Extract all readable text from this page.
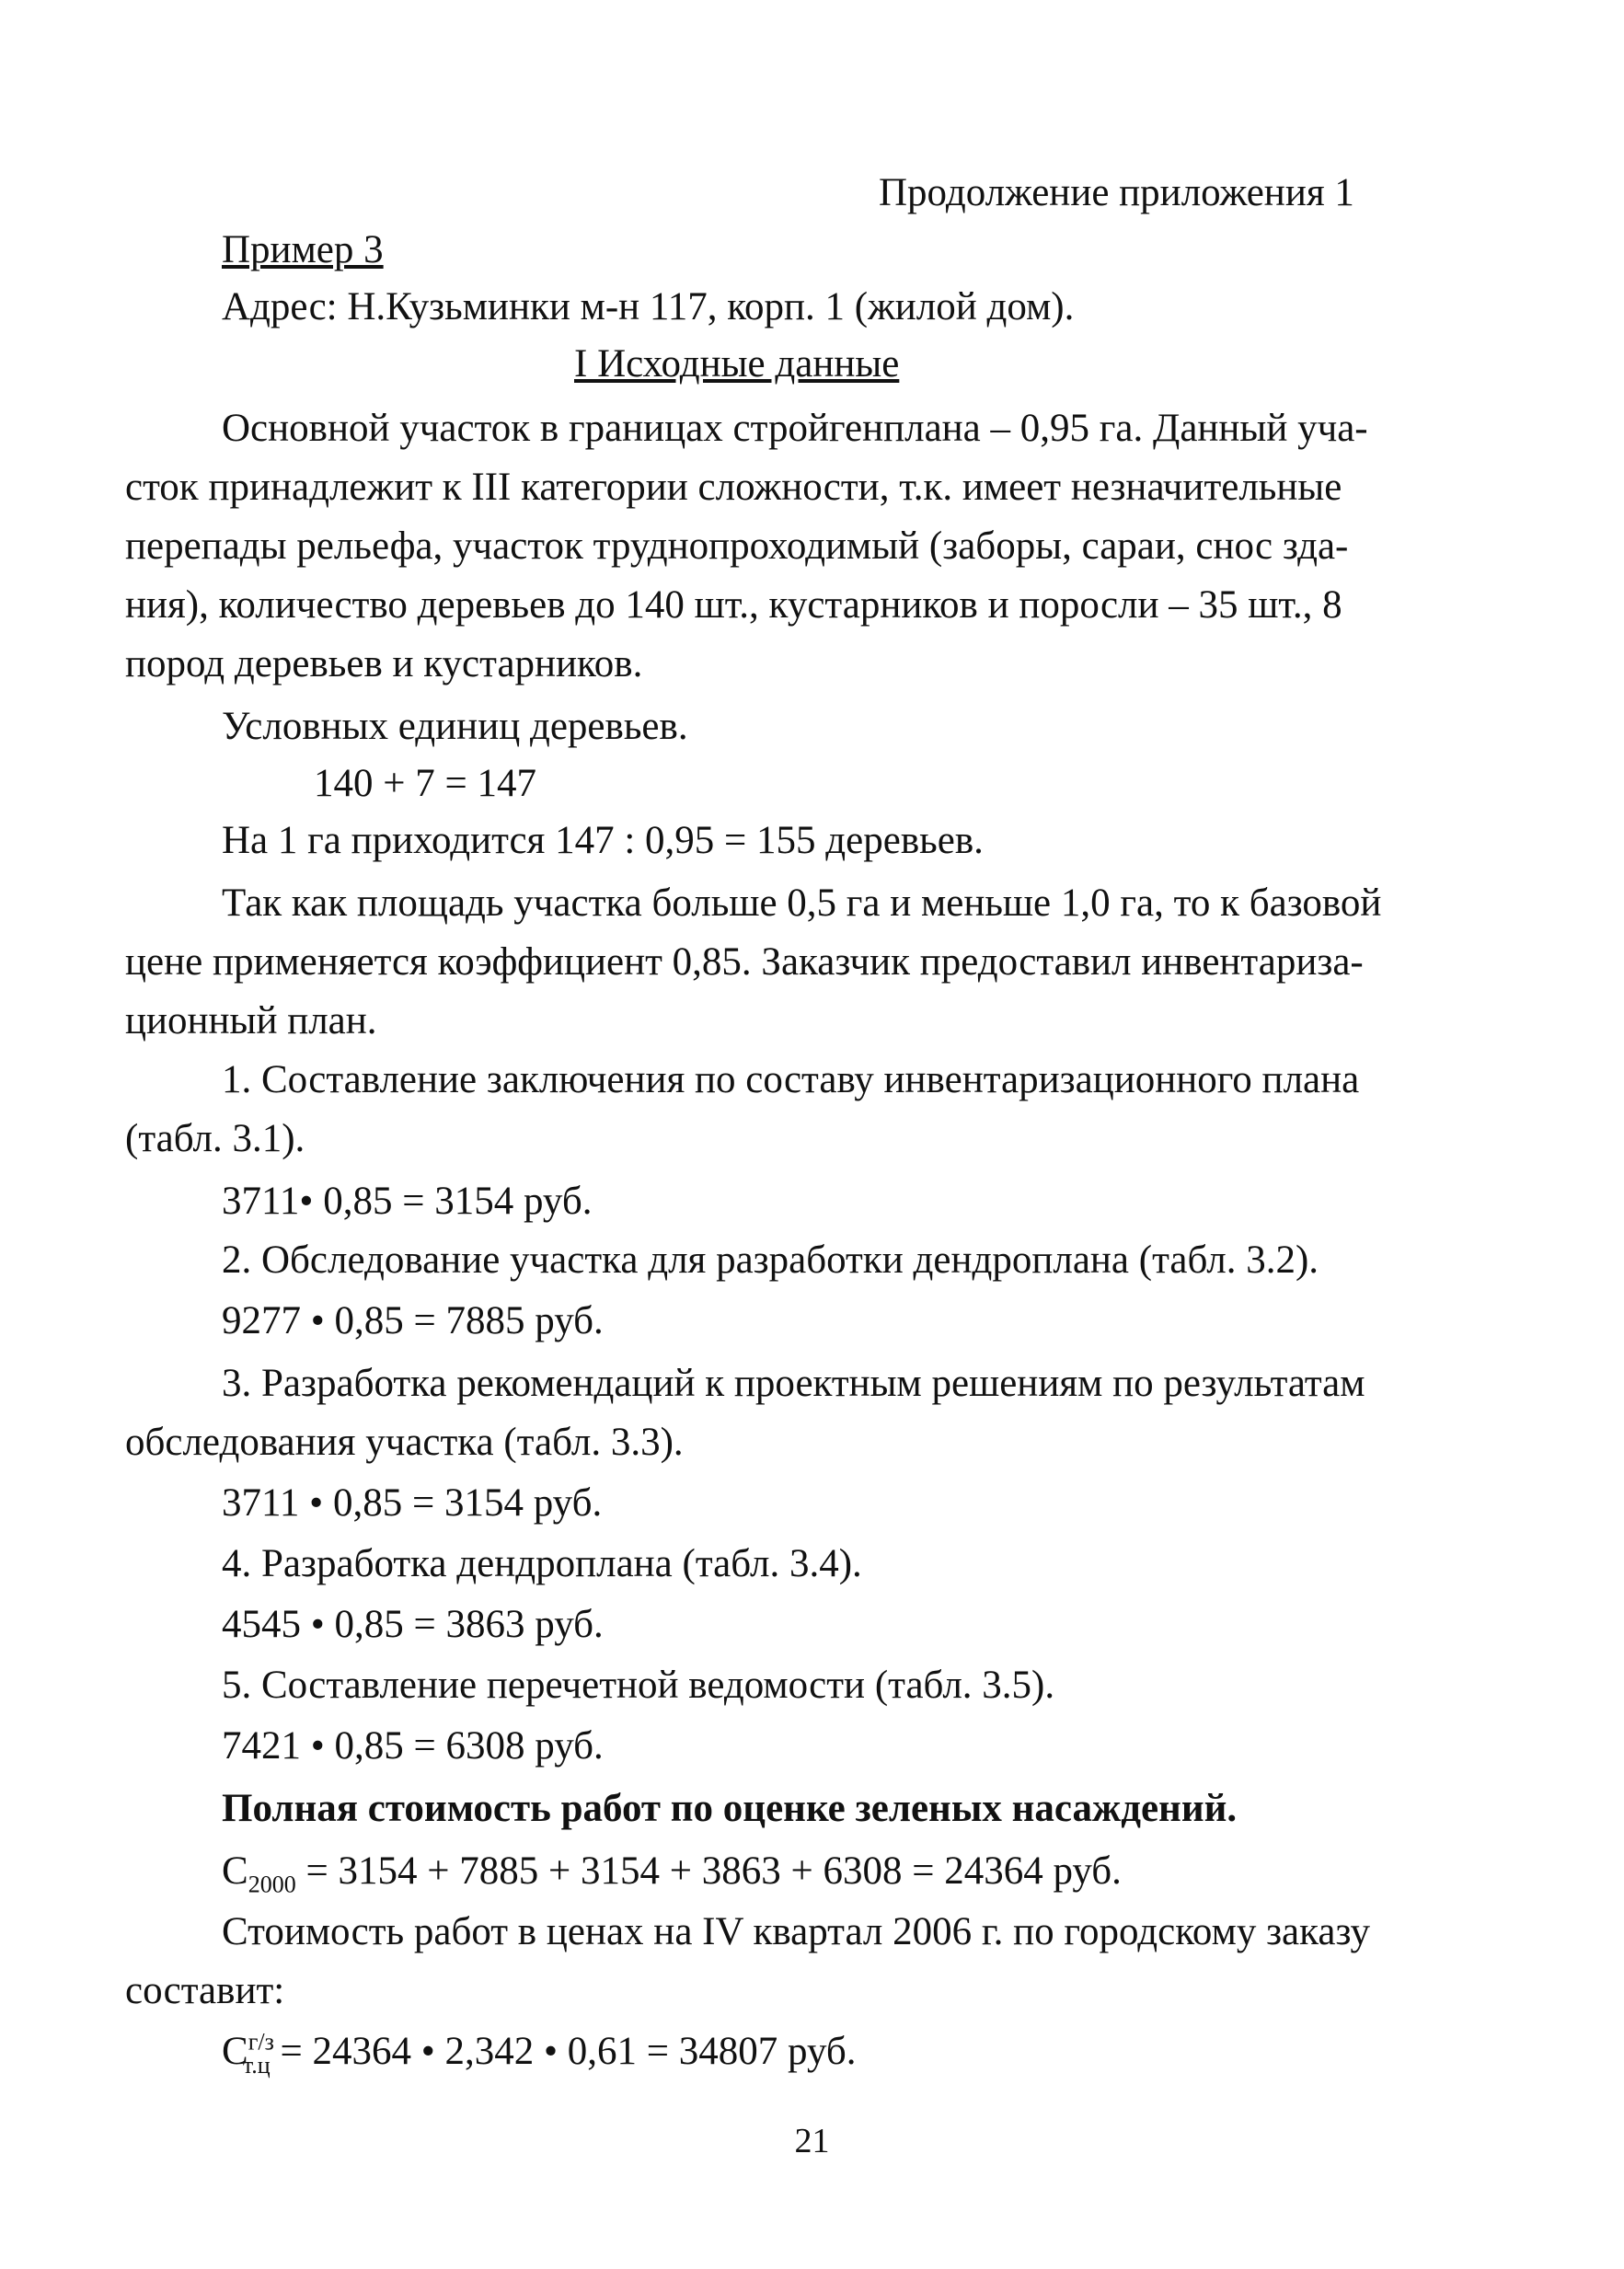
Продолжение приложения 1
Пример 3
Адрес: Н.Кузьминки м-н 117, корп. 1 (жилой дом).
I Исходные данные
Основной участок в границах стройгенплана – 0,95 га. Данный уча-
сток принадлежит к III категории сложности, т.к. имеет незначительные
перепады рельефа, участок труднопроходимый (заборы, сараи, снос зда-
ния), количество деревьев до 140 шт., кустарников и поросли – 35 шт., 8
пород деревьев и кустарников.
Условных единиц деревьев.
140 + 7 = 147
На 1 га приходится 147 : 0,95 = 155 деревьев.
Так как площадь участка больше 0,5 га и меньше 1,0 га, то к базовой
цене применяется коэффициент 0,85. Заказчик предоставил инвентариза-
ционный план.
1. Составление заключения по составу инвентаризационного плана
(табл. 3.1).
3711• 0,85 = 3154 руб.
2. Обследование участка для разработки дендроплана (табл. 3.2).
9277 • 0,85 = 7885 руб.
3. Разработка рекомендаций к проектным решениям по результатам
обследования участка (табл. 3.3).
3711 • 0,85 = 3154 руб.
4. Разработка дендроплана (табл. 3.4).
4545 • 0,85 = 3863 руб.
5. Составление перечетной ведомости (табл. 3.5).
7421 • 0,85 = 6308 руб.
Полная стоимость работ по оценке зеленых насаждений.
$С_{2000} = 3154 + 7885 + 3154 + 3863 + 6308 = 24364$ руб.
Стоимость работ в ценах на IV квартал 2006 г. по городскому заказу
составит:
$С^{г/з}_{т.ц} = 24364$ • 2,342 • 0,61 = 34807 руб.
21
